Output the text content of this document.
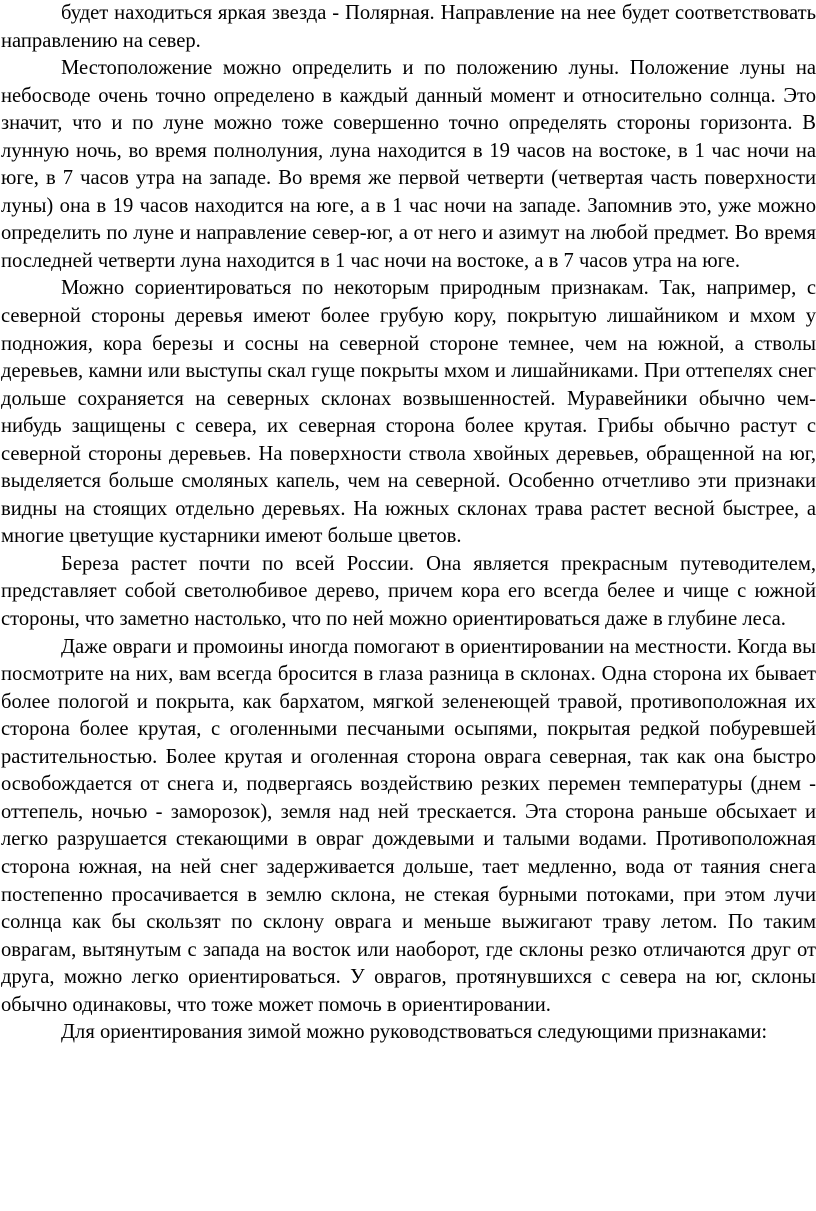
будет находиться яркая звезда - Полярная. Направление на нее будет соответствовать направлению на север.

Местоположение можно определить и по положению луны. Положение луны на небосводе очень точно определено в каждый данный момент и относительно солнца. Это значит, что и по луне можно тоже совершенно точно определять стороны горизонта. В лунную ночь, во время полнолуния, луна находится в 19 часов на востоке, в 1 час ночи на юге, в 7 часов утра на западе. Во время же первой четверти (четвертая часть поверхности луны) она в 19 часов находится на юге, а в 1 час ночи на западе. Запомнив это, уже можно определить по луне и направление север-юг, а от него и азимут на любой предмет. Во время последней четверти луна находится в 1 час ночи на востоке, а в 7 часов утра на юге.

Можно сориентироваться по некоторым природным признакам. Так, например, с северной стороны деревья имеют более грубую кору, покрытую лишайником и мхом у подножия, кора березы и сосны на северной стороне темнее, чем на южной, а стволы деревьев, камни или выступы скал гуще покрыты мхом и лишайниками. При оттепелях снег дольше сохраняется на северных склонах возвышенностей. Муравейники обычно чем-нибудь защищены с севера, их северная сторона более крутая. Грибы обычно растут с северной стороны деревьев. На поверхности ствола хвойных деревьев, обращенной на юг, выделяется больше смоляных капель, чем на северной. Особенно отчетливо эти признаки видны на стоящих отдельно деревьях. На южных склонах трава растет весной быстрее, а многие цветущие кустарники имеют больше цветов.

Береза растет почти по всей России. Она является прекрасным путеводителем, представляет собой светолюбивое дерево, причем кора его всегда белее и чище с южной стороны, что заметно настолько, что по ней можно ориентироваться даже в глубине леса.

Даже овраги и промоины иногда помогают в ориентировании на местности. Когда вы посмотрите на них, вам всегда бросится в глаза разница в склонах. Одна сторона их бывает более пологой и покрыта, как бархатом, мягкой зеленеющей травой, противоположная их сторона более крутая, с оголенными песчаными осыпями, покрытая редкой побуревшей растительностью. Более крутая и оголенная сторона оврага северная, так как она быстро освобождается от снега и, подвергаясь воздействию резких перемен температуры (днем - оттепель, ночью - заморозок), земля над ней трескается. Эта сторона раньше обсыхает и легко разрушается стекающими в овраг дождевыми и талыми водами. Противоположная сторона южная, на ней снег задерживается дольше, тает медленно, вода от таяния снега постепенно просачивается в землю склона, не стекая бурными потоками, при этом лучи солнца как бы скользят по склону оврага и меньше выжигают траву летом. По таким оврагам, вытянутым с запада на восток или наоборот, где склоны резко отличаются друг от друга, можно легко ориентироваться. У оврагов, протянувшихся с севера на юг, склоны обычно одинаковы, что тоже может помочь в ориентировании.

Для ориентирования зимой можно руководствоваться следующими признаками:
